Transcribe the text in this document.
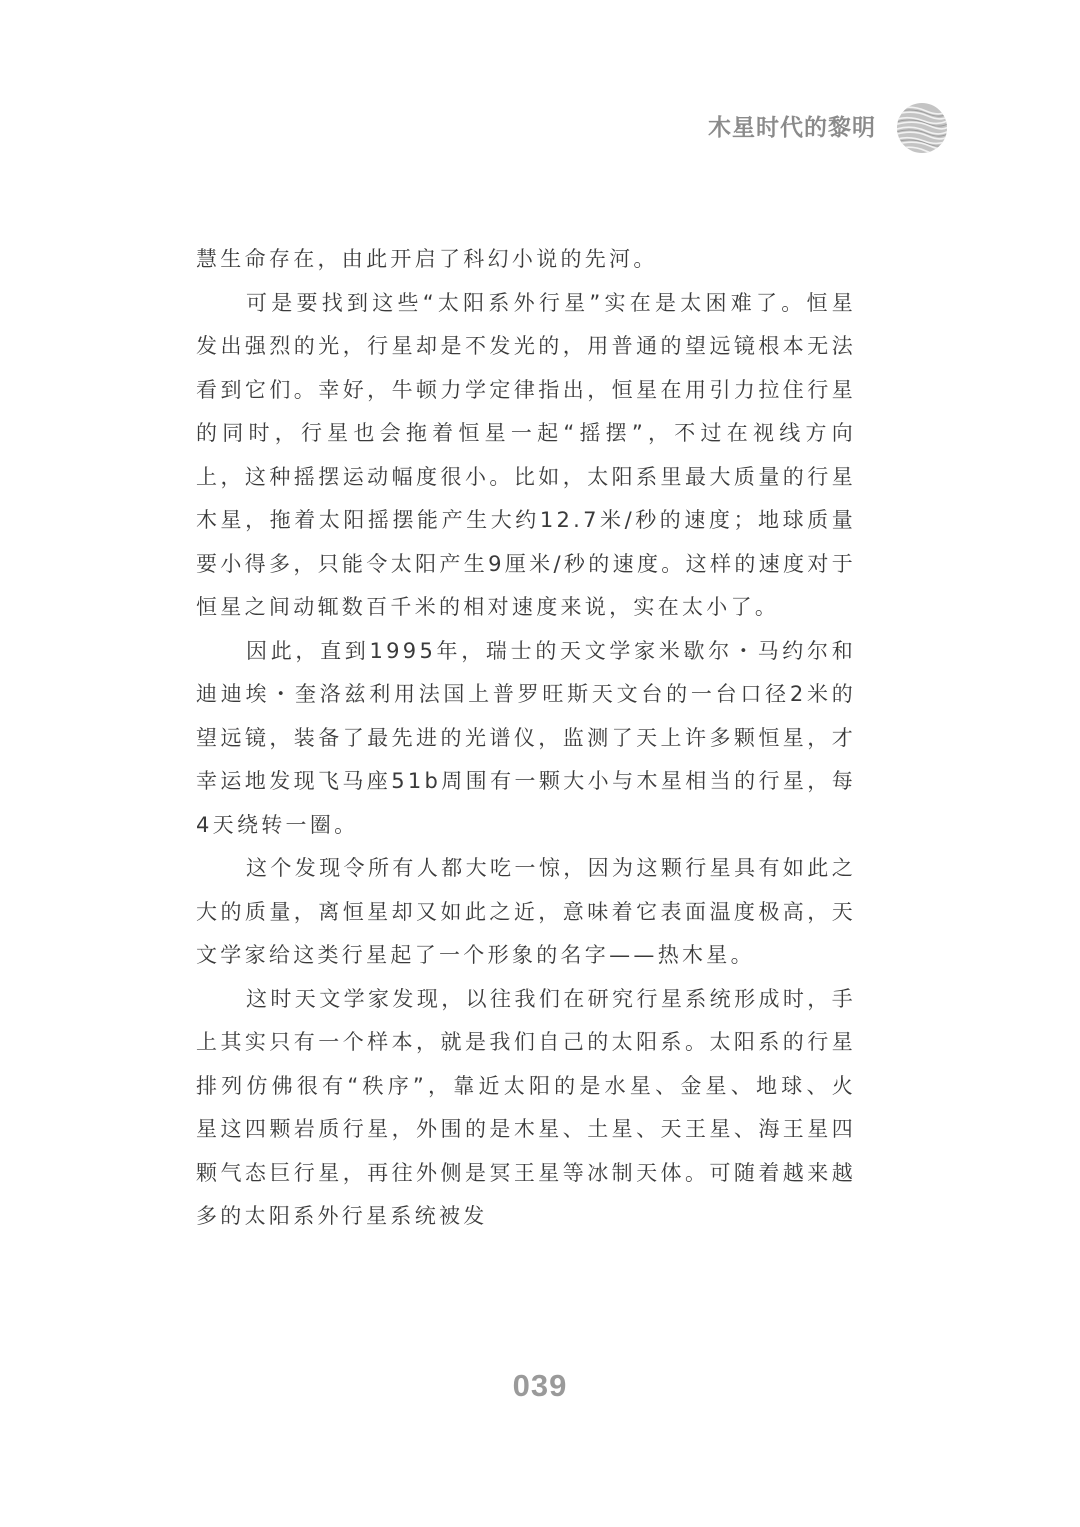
木星时代的黎明

慧生命存在，由此开启了科幻小说的先河。

可是要找到这些“太阳系外行星”实在是太困难了。恒星发出强烈的光，行星却是不发光的，用普通的望远镜根本无法看到它们。幸好，牛顿力学定律指出，恒星在用引力拉住行星的同时，行星也会拖着恒星一起“摇摆”，不过在视线方向上，这种摇摆运动幅度很小。比如，太阳系里最大质量的行星木星，拖着太阳摇摆能产生大约12.7米/秒的速度；地球质量要小得多，只能令太阳产生9厘米/秒的速度。这样的速度对于恒星之间动辄数百千米的相对速度来说，实在太小了。

因此，直到1995年，瑞士的天文学家米歇尔・马约尔和迪迪埃・奎洛兹利用法国上普罗旺斯天文台的一台口径2米的望远镜，装备了最先进的光谱仪，监测了天上许多颗恒星，才幸运地发现飞马座51b周围有一颗大小与木星相当的行星，每4天绕转一圈。

这个发现令所有人都大吃一惊，因为这颗行星具有如此之大的质量，离恒星却又如此之近，意味着它表面温度极高，天文学家给这类行星起了一个形象的名字——热木星。

这时天文学家发现，以往我们在研究行星系统形成时，手上其实只有一个样本，就是我们自己的太阳系。太阳系的行星排列仿佛很有“秩序”，靠近太阳的是水星、金星、地球、火星这四颗岩质行星，外围的是木星、土星、天王星、海王星四颗气态巨行星，再往外侧是冥王星等冰制天体。可随着越来越多的太阳系外行星系统被发

039
